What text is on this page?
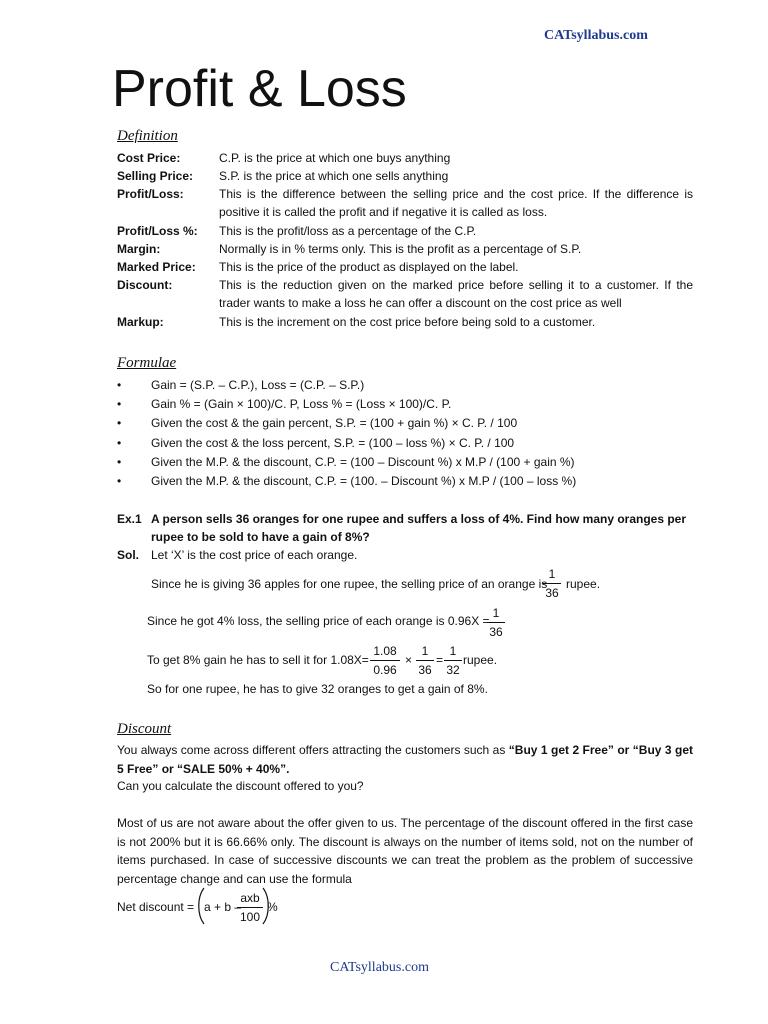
CATsyllabus.com
Profit & Loss
Definition
Cost Price:	C.P. is the price at which one buys anything
Selling Price:	S.P. is the price at which one sells anything
Profit/Loss:	This is the difference between the selling price and the cost price. If the difference is positive it is called the profit and if negative it is called as loss.
Profit/Loss %:	This is the profit/loss as a percentage of the C.P.
Margin:	Normally is in % terms only. This is the profit as a percentage of S.P.
Marked Price:	This is the price of the product as displayed on the label.
Discount:	This is the reduction given on the marked price before selling it to a customer. If the trader wants to make a loss he can offer a discount on the cost price as well
Markup:	This is the increment on the cost price before being sold to a customer.
Formulae
• Gain = (S.P. – C.P.), Loss = (C.P. – S.P.)
• Gain % = (Gain × 100)/C. P, Loss % = (Loss × 100)/C. P.
• Given the cost & the gain percent, S.P. = (100 + gain %) × C. P. / 100
• Given the cost & the loss percent, S.P. = (100 – loss %) × C. P. / 100
• Given the M.P. & the discount, C.P. = (100 – Discount %) x M.P / (100 + gain %)
• Given the M.P. & the discount, C.P. = (100. – Discount %) x M.P / (100 – loss %)
Ex.1 A person sells 36 oranges for one rupee and suffers a loss of 4%. Find how many oranges per
rupee to be sold to have a gain of 8%?
Sol. Let ‘X’ is the cost price of each orange.
Since he is giving 36 apples for one rupee, the selling price of an orange is
$\frac{1}{36}$ rupee.
Since he got 4% loss, the selling price of each orange is 0.96X =
$\frac{1}{36}$
To get 8% gain he has to sell it for $1.08X= \frac{1.08}{0.96} \times \frac{1}{36} = \frac{1}{32}$ rupee.
So for one rupee, he has to give 32 oranges to get a gain of 8%.
Discount
You always come across different offers attracting the customers such as “Buy 1 get 2 Free” or “Buy 3 get 5 Free” or “SALE 50% + 40%”.
Can you calculate the discount offered to you?
Most of us are not aware about the offer given to us. The percentage of the discount offered in the first case is not 200% but it is 66.66% only. The discount is always on the number of items sold, not on the number of items purchased. In case of successive discounts we can treat the problem as the problem of successive percentage change and can use the formula
Net discount = a + b –
axb
100
%
CATsyllabus.com
